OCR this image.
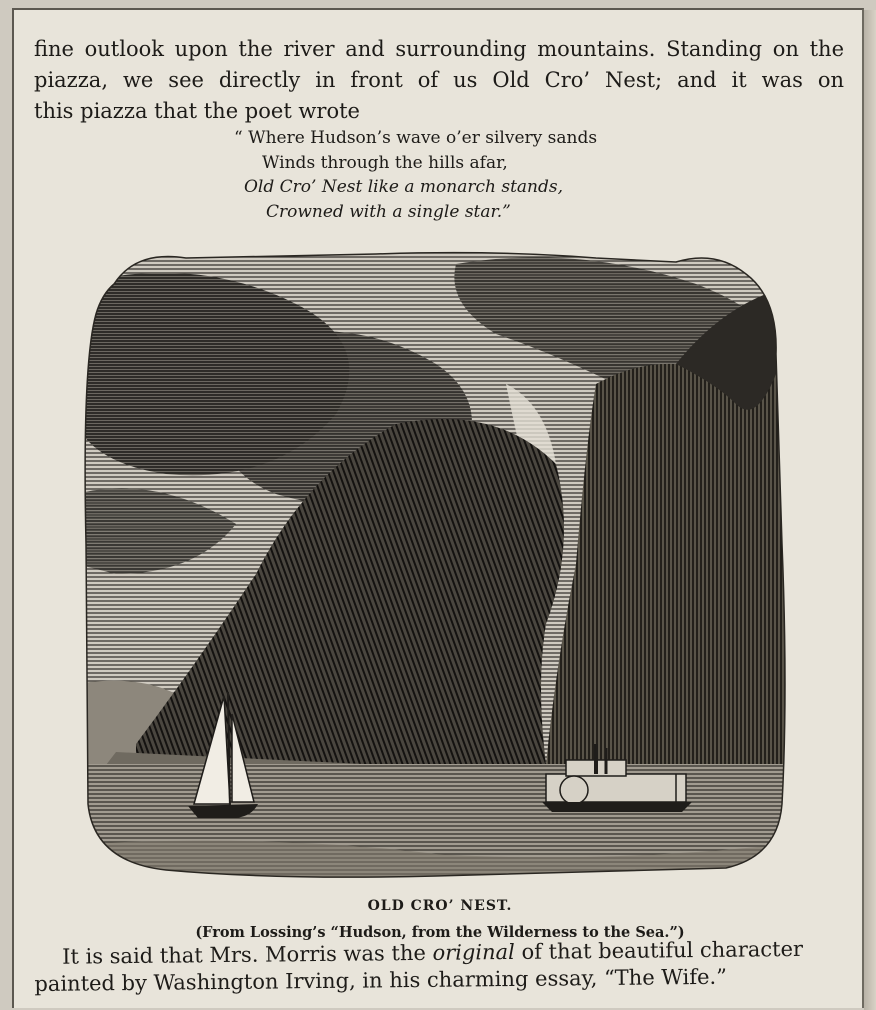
fine outlook upon the river and surrounding mountains. Standing on the piazza, we see directly in front of us Old Cro’ Nest; and it was on
this piazza that the poet wrote

“ Where Hudson’s wave o’er silvery sands
Winds through the hills afar,
Old Cro’ Nest like a monarch stands,
Crowned with a single star.”
OLD CRO’ NEST.
(From Lossing’s “Hudson, from the Wilderness to the Sea.”)

It is said that Mrs. Morris was the original of that beautiful character
painted by Washington Irving, in his charming essay, “The Wife.”
